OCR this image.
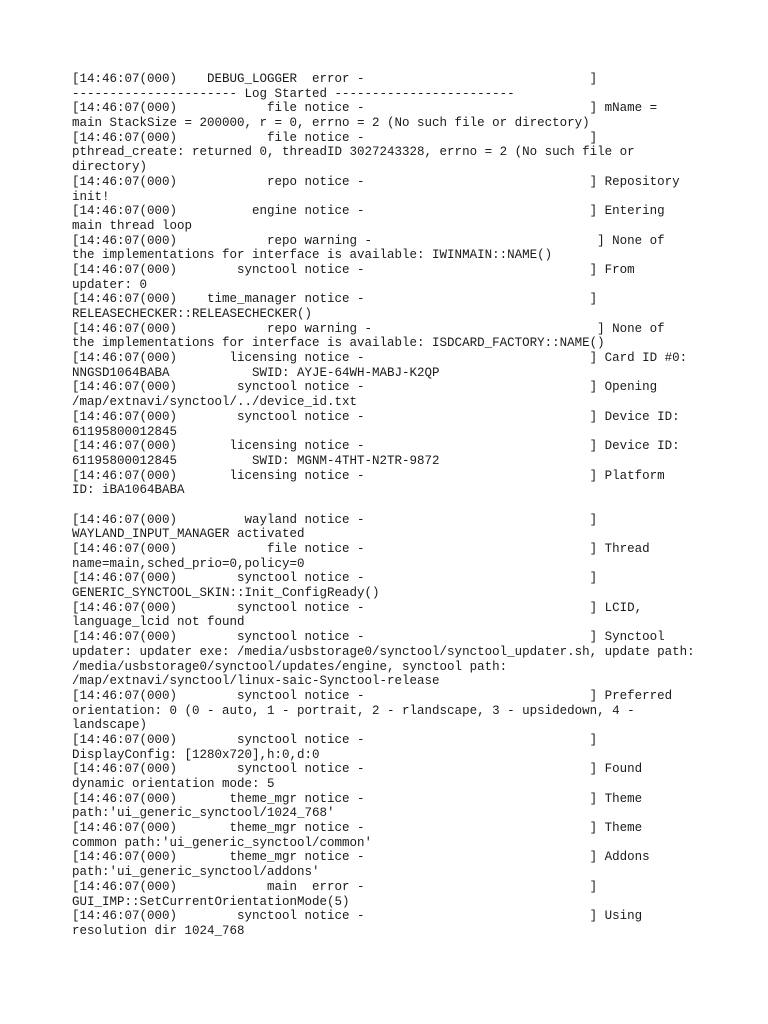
[14:46:07(000)    DEBUG_LOGGER  error -                              ]
---------------------- Log Started ------------------------
[14:46:07(000)            file notice -                              ] mName =
main StackSize = 200000, r = 0, errno = 2 (No such file or directory)
[14:46:07(000)            file notice -                              ]
pthread_create: returned 0, threadID 3027243328, errno = 2 (No such file or
directory)
[14:46:07(000)            repo notice -                              ] Repository
init!
[14:46:07(000)          engine notice -                              ] Entering
main thread loop
[14:46:07(000)            repo warning -                              ] None of
the implementations for interface is available: IWINMAIN::NAME()
[14:46:07(000)        synctool notice -                              ] From
updater: 0
[14:46:07(000)    time_manager notice -                              ]
RELEASECHECKER::RELEASECHECKER()
[14:46:07(000)            repo warning -                              ] None of
the implementations for interface is available: ISDCARD_FACTORY::NAME()
[14:46:07(000)       licensing notice -                              ] Card ID #0:
NNGSD1064BABA           SWID: AYJE-64WH-MABJ-K2QP
[14:46:07(000)        synctool notice -                              ] Opening
/map/extnavi/synctool/../device_id.txt
[14:46:07(000)        synctool notice -                              ] Device ID:
61195800012845
[14:46:07(000)       licensing notice -                              ] Device ID:
61195800012845          SWID: MGNM-4THT-N2TR-9872
[14:46:07(000)       licensing notice -                              ] Platform
ID: iBA1064BABA
[14:46:07(000)         wayland notice -                              ]
WAYLAND_INPUT_MANAGER activated
[14:46:07(000)            file notice -                              ] Thread
name=main,sched_prio=0,policy=0
[14:46:07(000)        synctool notice -                              ]
GENERIC_SYNCTOOL_SKIN::Init_ConfigReady()
[14:46:07(000)        synctool notice -                              ] LCID,
language_lcid not found
[14:46:07(000)        synctool notice -                              ] Synctool
updater: updater exe: /media/usbstorage0/synctool/synctool_updater.sh, update path:
/media/usbstorage0/synctool/updates/engine, synctool path:
/map/extnavi/synctool/linux-saic-Synctool-release
[14:46:07(000)        synctool notice -                              ] Preferred
orientation: 0 (0 - auto, 1 - portrait, 2 - rlandscape, 3 - upsidedown, 4 -
landscape)
[14:46:07(000)        synctool notice -                              ]
DisplayConfig: [1280x720],h:0,d:0
[14:46:07(000)        synctool notice -                              ] Found
dynamic orientation mode: 5
[14:46:07(000)       theme_mgr notice -                              ] Theme
path:'ui_generic_synctool/1024_768'
[14:46:07(000)       theme_mgr notice -                              ] Theme
common path:'ui_generic_synctool/common'
[14:46:07(000)       theme_mgr notice -                              ] Addons
path:'ui_generic_synctool/addons'
[14:46:07(000)            main  error -                              ]
GUI_IMP::SetCurrentOrientationMode(5)
[14:46:07(000)        synctool notice -                              ] Using
resolution dir 1024_768
